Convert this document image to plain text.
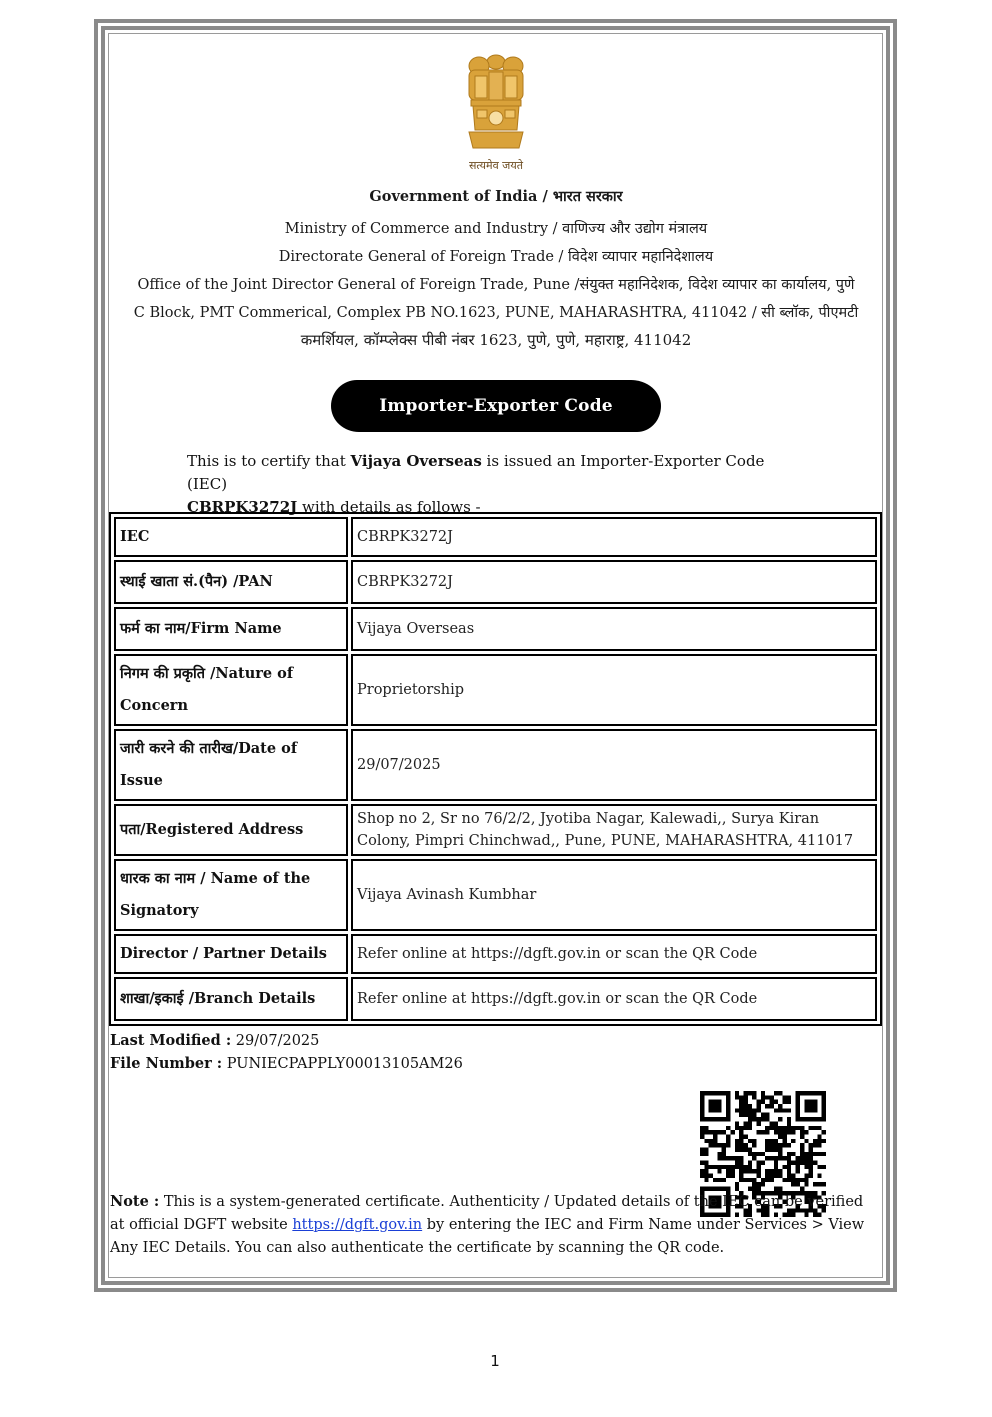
सत्यमेव जयते
Government of India / भारत सरकार
Ministry of Commerce and Industry / वाणिज्य और उद्योग मंत्रालय
Directorate General of Foreign Trade / विदेश व्यापार महानिदेशालय
Office of the Joint Director General of Foreign Trade, Pune /संयुक्त महानिदेशक, विदेश व्यापार का कार्यालय, पुणे
C Block, PMT Commerical, Complex PB NO.1623, PUNE, MAHARASHTRA, 411042 / सी ब्लॉक, पीएमटी
कमर्शियल, कॉम्प्लेक्स पीबी नंबर 1623, पुणे, पुणे, महाराष्ट्र, 411042
Importer-Exporter Code
This is to certify that Vijaya Overseas is issued an Importer-Exporter Code (IEC)
CBRPK3272J with details as follows -
IEC	CBRPK3272J
स्थाई खाता सं.(पैन) /PAN	CBRPK3272J
फर्म का नाम/Firm Name	Vijaya Overseas
निगम की प्रकृति /Nature of Concern	Proprietorship
जारी करने की तारीख/Date of Issue	29/07/2025
पता/Registered Address	Shop no 2, Sr no 76/2/2, Jyotiba Nagar, Kalewadi,, Surya Kiran Colony, Pimpri Chinchwad,, Pune, PUNE, MAHARASHTRA, 411017
धारक का नाम / Name of the Signatory	Vijaya Avinash Kumbhar
Director / Partner Details	Refer online at https://dgft.gov.in or scan the QR Code
शाखा/इकाई /Branch Details	Refer online at https://dgft.gov.in or scan the QR Code
Last Modified : 29/07/2025
File Number : PUNIECPAPPLY00013105AM26
Note : This is a system-generated certificate. Authenticity / Updated details of the IEC can be verified at official DGFT website https://dgft.gov.in by entering the IEC and Firm Name under Services > View Any IEC Details. You can also authenticate the certificate by scanning the QR code.
1
